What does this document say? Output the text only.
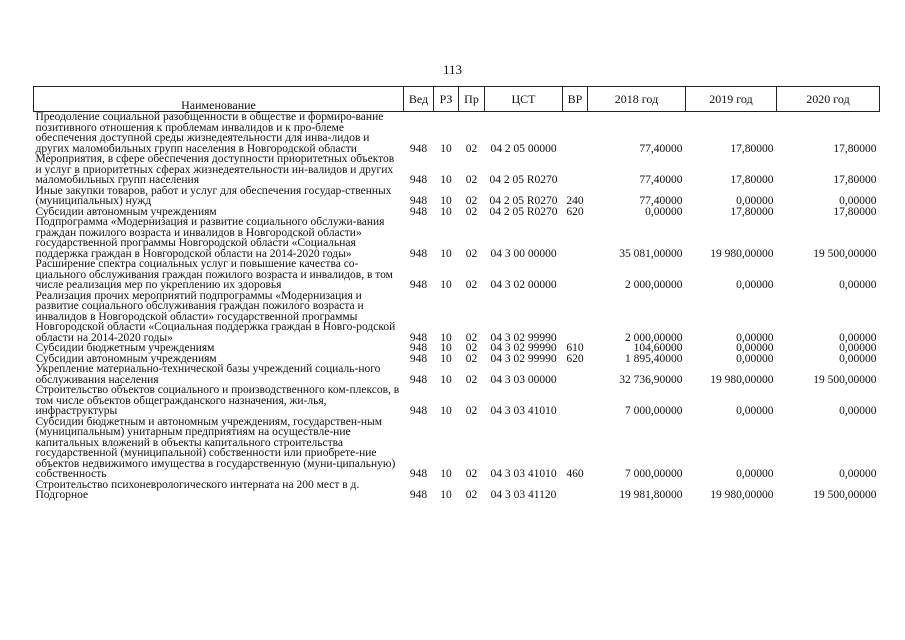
113
Наименование	Вед	РЗ	Пр	ЦСТ	ВР	2018 год	2019 год	2020 год
Преодоление социальной разобщенности в обществе и формиро-вание позитивного отношения к проблемам инвалидов и к про-блеме обеспечения доступной среды жизнедеятельности для инва-лидов и других маломобильных групп населения в Новгородской области	948	10	02	04 2 05 00000		77,40000	17,80000	17,80000
Мероприятия, в сфере обеспечения доступности приоритетных объектов и услуг в приоритетных сферах жизнедеятельности ин-валидов и других маломобильных групп населения	948	10	02	04 2 05 R0270		77,40000	17,80000	17,80000
Иные закупки товаров, работ и услуг для обеспечения государ-ственных (муниципальных) нужд	948	10	02	04 2 05 R0270	240	77,40000	0,00000	0,00000
Субсидии автономным учреждениям	948	10	02	04 2 05 R0270	620	0,00000	17,80000	17,80000
Подпрограмма «Модернизация и развитие социального обслужи-вания граждан пожилого возраста и инвалидов в Новгородской области» государственной программы Новгородской области «Социальная поддержка граждан в Новгородской области на 2014-2020 годы»	948	10	02	04 3 00 00000		35 081,00000	19 980,00000	19 500,00000
Расширение спектра социальных услуг и повышение качества со-циального обслуживания граждан пожилого возраста и инвалидов, в том числе реализация мер по укреплению их здоровья	948	10	02	04 3 02 00000		2 000,00000	0,00000	0,00000
Реализация прочих мероприятий подпрограммы «Модернизация и развитие социального обслуживания граждан пожилого возраста и инвалидов в Новгородской области» государственной программы Новгородской области «Социальная поддержка граждан в Новго-родской области на 2014-2020 годы»	948	10	02	04 3 02 99990		2 000,00000	0,00000	0,00000
Субсидии бюджетным учреждениям	948	10	02	04 3 02 99990	610	104,60000	0,00000	0,00000
Субсидии автономным учреждениям	948	10	02	04 3 02 99990	620	1 895,40000	0,00000	0,00000
Укрепление материально-технической базы учреждений социаль-ного обслуживания населения	948	10	02	04 3 03 00000		32 736,90000	19 980,00000	19 500,00000
Строительство объектов социального и производственного ком-плексов, в том числе объектов общегражданского назначения, жи-лья, инфраструктуры	948	10	02	04 3 03 41010		7 000,00000	0,00000	0,00000
Субсидии бюджетным и автономным учреждениям, государствен-ным (муниципальным) унитарным предприятиям на осуществле-ние капитальных вложений в объекты капитального строительства государственной (муниципальной) собственности или приобрете-ние объектов недвижимого имущества в государственную (муни-ципальную) собственность	948	10	02	04 3 03 41010	460	7 000,00000	0,00000	0,00000
Строительство психоневрологического интерната на 200 мест в д. Подгорное	948	10	02	04 3 03 41120		19 981,80000	19 980,00000	19 500,00000
